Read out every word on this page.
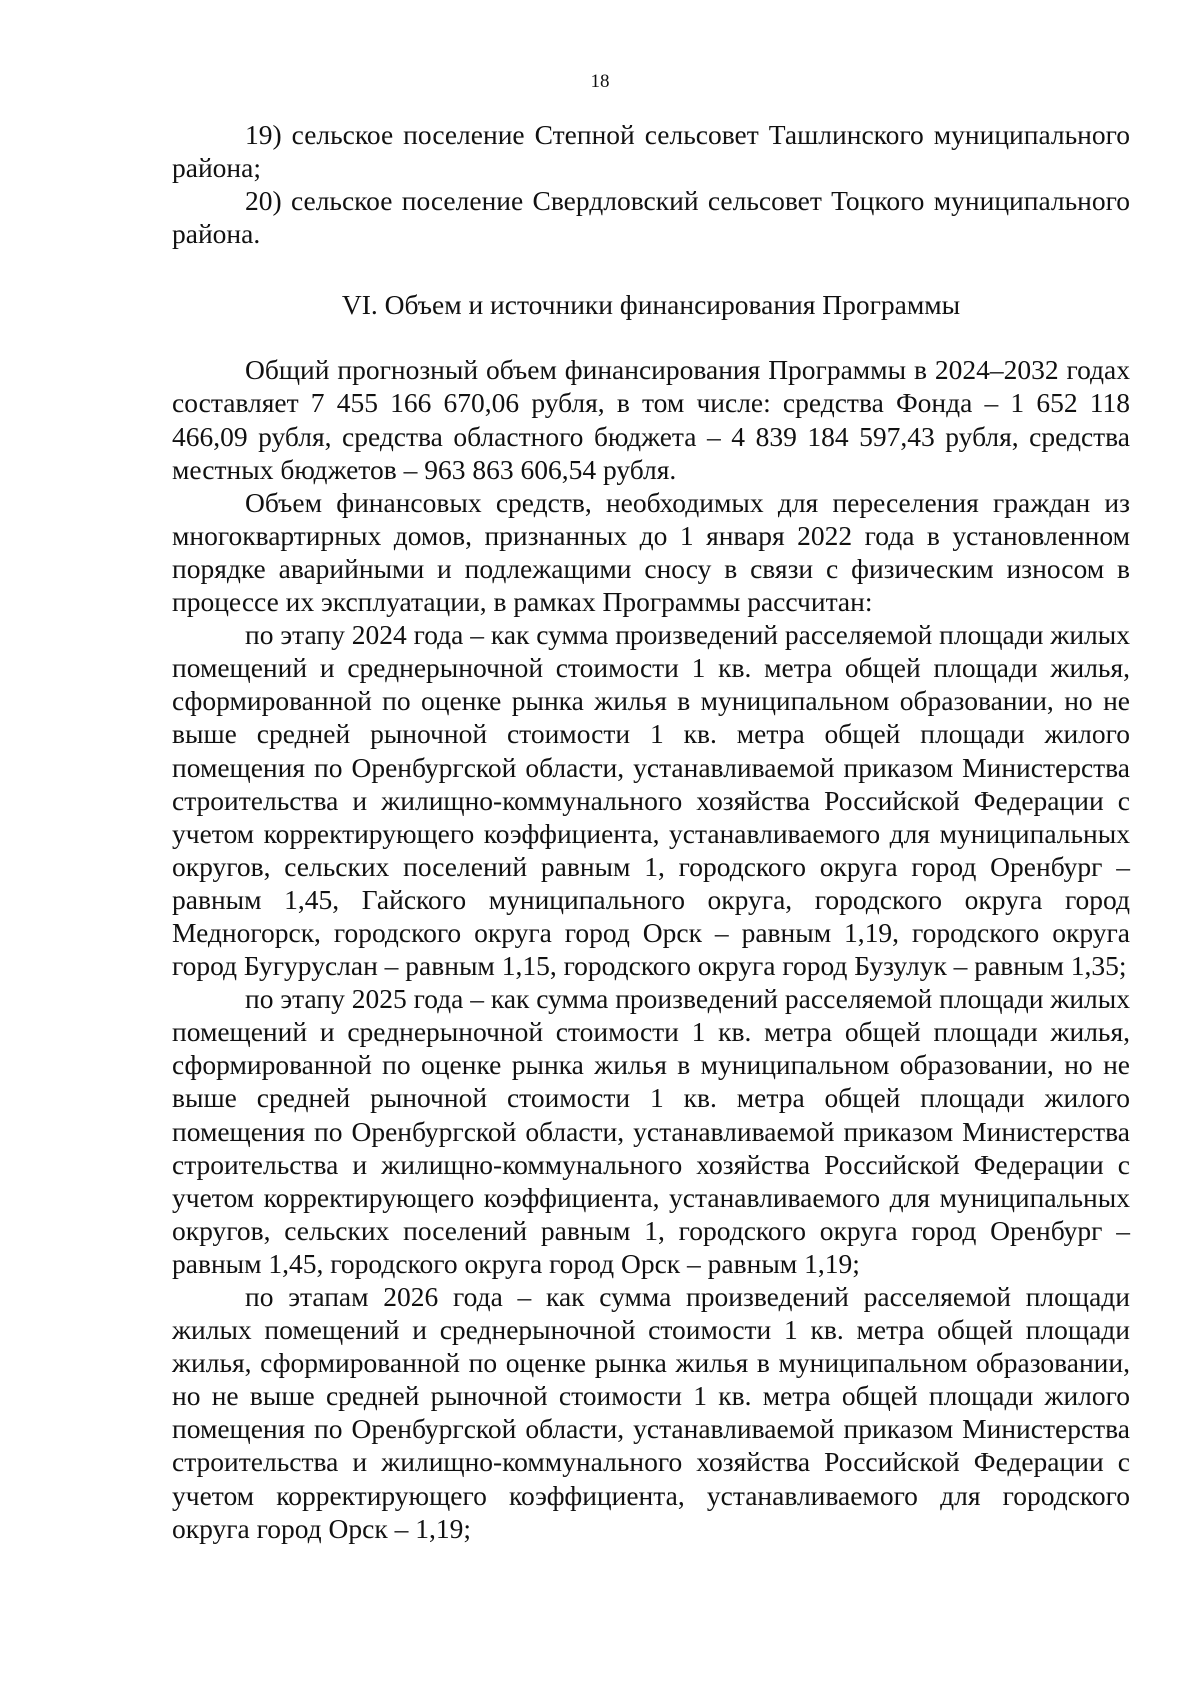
18

19) сельское поселение Степной сельсовет Ташлинского муниципального района;

20) сельское поселение Свердловский сельсовет Тоцкого муниципального района.

VI. Объем и источники финансирования Программы

Общий прогнозный объем финансирования Программы в 2024–2032 годах составляет 7 455 166 670,06 рубля, в том числе: средства Фонда – 1 652 118 466,09 рубля, средства областного бюджета – 4 839 184 597,43 рубля, средства местных бюджетов – 963 863 606,54 рубля.

Объем финансовых средств, необходимых для переселения граждан из многоквартирных домов, признанных до 1 января 2022 года в установленном порядке аварийными и подлежащими сносу в связи с физическим износом в процессе их эксплуатации, в рамках Программы рассчитан:

по этапу 2024 года – как сумма произведений расселяемой площади жилых помещений и среднерыночной стоимости 1 кв. метра общей площади жилья, сформированной по оценке рынка жилья в муниципальном образовании, но не выше средней рыночной стоимости 1 кв. метра общей площади жилого помещения по Оренбургской области, устанавливаемой приказом Министерства строительства и жилищно-коммунального хозяйства Российской Федерации с учетом корректирующего коэффициента, устанавливаемого для муниципальных округов, сельских поселений равным 1, городского округа город Оренбург – равным 1,45, Гайского муниципального округа, городского округа город Медногорск, городского округа город Орск – равным 1,19, городского округа город Бугуруслан – равным 1,15, городского округа город Бузулук – равным 1,35;

по этапу 2025 года – как сумма произведений расселяемой площади жилых помещений и среднерыночной стоимости 1 кв. метра общей площади жилья, сформированной по оценке рынка жилья в муниципальном образовании, но не выше средней рыночной стоимости 1 кв. метра общей площади жилого помещения по Оренбургской области, устанавливаемой приказом Министерства строительства и жилищно-коммунального хозяйства Российской Федерации с учетом корректирующего коэффициента, устанавливаемого для муниципальных округов, сельских поселений равным 1, городского округа город Оренбург – равным 1,45, городского округа город Орск – равным 1,19;

по этапам 2026 года – как сумма произведений расселяемой площади жилых помещений и среднерыночной стоимости 1 кв. метра общей площади жилья, сформированной по оценке рынка жилья в муниципальном образовании, но не выше средней рыночной стоимости 1 кв. метра общей площади жилого помещения по Оренбургской области, устанавливаемой приказом Министерства строительства и жилищно-коммунального хозяйства Российской Федерации с учетом корректирующего коэффициента, устанавливаемого для городского округа город Орск – 1,19;
